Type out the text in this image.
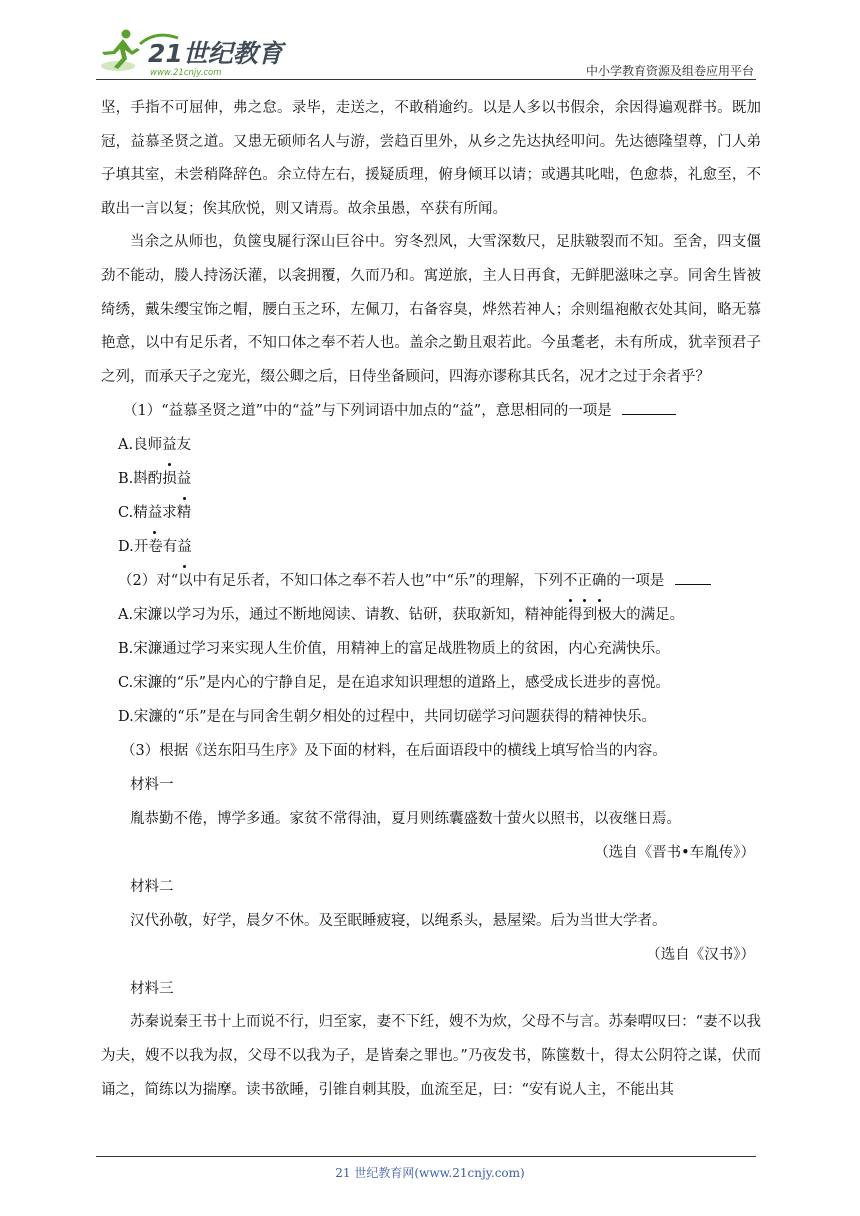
21世纪教育
www.21cnjy.com	中小学教育资源及组卷应用平台

坚，手指不可屈伸，弗之怠。录毕，走送之，不敢稍逾约。以是人多以书假余，余因得遍观群书。既加冠，益慕圣贤之道。又患无硕师名人与游，尝趋百里外，从乡之先达执经叩问。先达德隆望尊，门人弟子填其室，未尝稍降辞色。余立侍左右，援疑质理，俯身倾耳以请；或遇其叱咄，色愈恭，礼愈至，不敢出一言以复；俟其欣悦，则又请焉。故余虽愚，卒获有所闻。

当余之从师也，负箧曳屣行深山巨谷中。穷冬烈风，大雪深数尺，足肤皲裂而不知。至舍，四支僵劲不能动，媵人持汤沃灌，以衾拥覆，久而乃和。寓逆旅，主人日再食，无鲜肥滋味之享。同舍生皆被绮绣，戴朱缨宝饰之帽，腰白玉之环，左佩刀，右备容臭，烨然若神人；余则缊袍敝衣处其间，略无慕艳意，以中有足乐者，不知口体之奉不若人也。盖余之勤且艰若此。今虽耄老，未有所成，犹幸预君子之列，而承天子之宠光，缀公卿之后，日侍坐备顾问，四海亦谬称其氏名，况才之过于余者乎？

（1）“益慕圣贤之道”中的“益”与下列词语中加点的“益”，意思相同的一项是

A.良师益友

B.斟酌损益

C.精益求精

D.开卷有益

（2）对“以中有足乐者，不知口体之奉不若人也”中“乐”的理解，下列不正确的一项是

A.宋濂以学习为乐，通过不断地阅读、请教、钻研，获取新知，精神能得到极大的满足。

B.宋濂通过学习来实现人生价值，用精神上的富足战胜物质上的贫困，内心充满快乐。

C.宋濂的“乐”是内心的宁静自足，是在追求知识理想的道路上，感受成长进步的喜悦。

D.宋濂的“乐”是在与同舍生朝夕相处的过程中，共同切磋学习问题获得的精神快乐。

（3）根据《送东阳马生序》及下面的材料，在后面语段中的横线上填写恰当的内容。

材料一

胤恭勤不倦，博学多通。家贫不常得油，夏月则练囊盛数十萤火以照书，以夜继日焉。

（选自《晋书•车胤传》）

材料二

汉代孙敬，好学，晨夕不休。及至眠睡疲寝，以绳系头，悬屋梁。后为当世大学者。

（选自《汉书》）

材料三

苏秦说秦王书十上而说不行，归至家，妻不下纴，嫂不为炊，父母不与言。苏秦喟叹曰：“妻不以我为夫，嫂不以我为叔，父母不以我为子，是皆秦之罪也。”乃夜发书，陈箧数十，得太公阴符之谋，伏而诵之，简练以为揣摩。读书欲睡，引锥自刺其股，血流至足，曰：“安有说人主，不能出其

21 世纪教育网(www.21cnjy.com)
